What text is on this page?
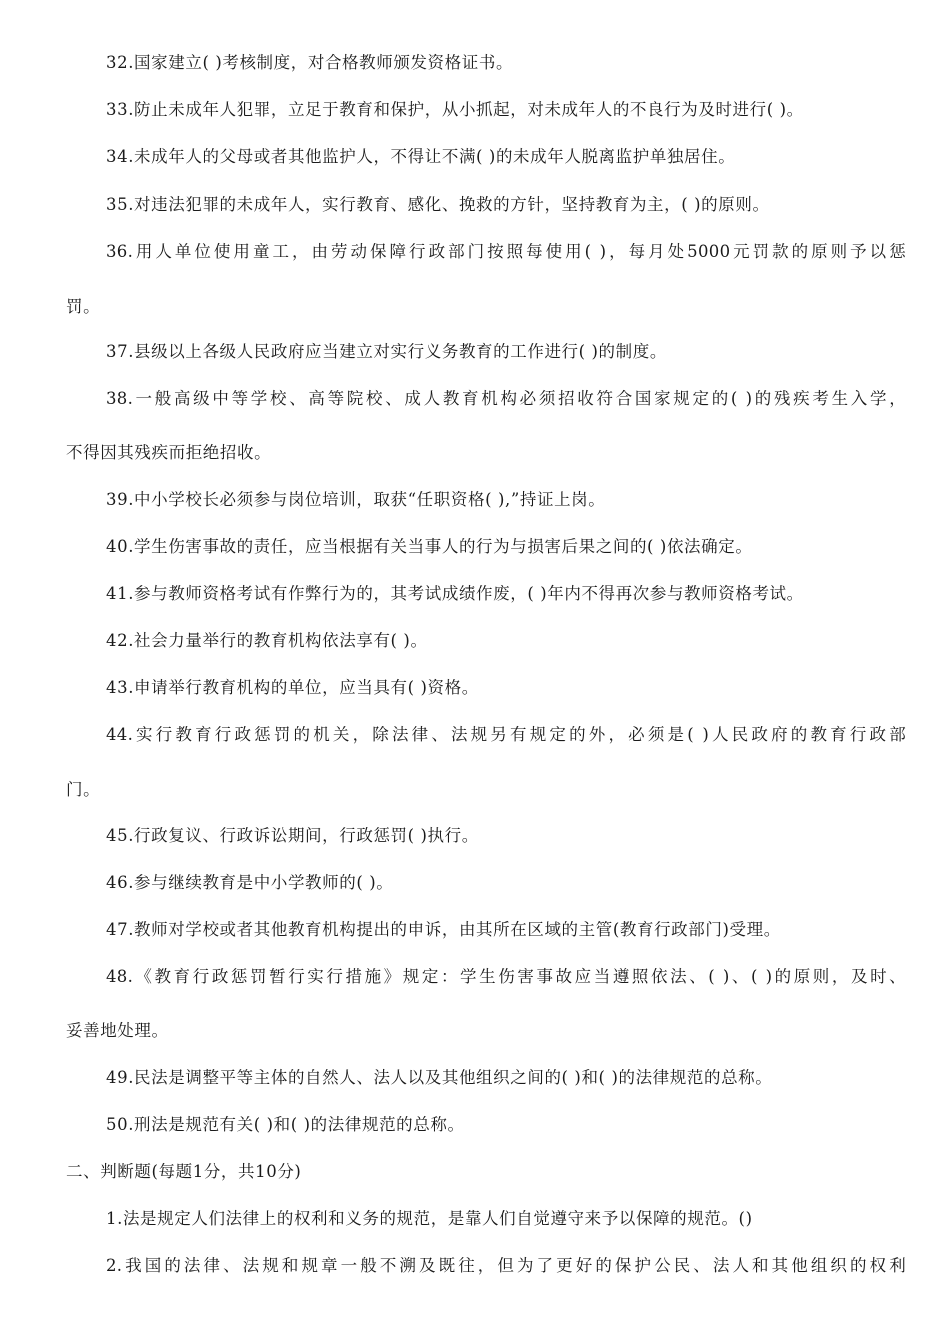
32.国家建立( )考核制度，对合格教师颁发资格证书。
33.防止未成年人犯罪，立足于教育和保护，从小抓起，对未成年人的不良行为及时进行( )。
34.未成年人的父母或者其他监护人，不得让不满( )的未成年人脱离监护单独居住。
35.对违法犯罪的未成年人，实行教育、感化、挽救的方针，坚持教育为主，( )的原则。
36.用人单位使用童工，由劳动保障行政部门按照每使用( )，每月处5000元罚款的原则予以惩
罚。
37.县级以上各级人民政府应当建立对实行义务教育的工作进行( )的制度。
38.一般高级中等学校、高等院校、成人教育机构必须招收符合国家规定的( )的残疾考生入学，
不得因其残疾而拒绝招收。
39.中小学校长必须参与岗位培训，取获“任职资格( ),”持证上岗。
40.学生伤害事故的责任，应当根据有关当事人的行为与损害后果之间的( )依法确定。
41.参与教师资格考试有作弊行为的，其考试成绩作废，( )年内不得再次参与教师资格考试。
42.社会力量举行的教育机构依法享有( )。
43.申请举行教育机构的单位，应当具有( )资格。
44.实行教育行政惩罚的机关，除法律、法规另有规定的外，必须是( )人民政府的教育行政部
门。
45.行政复议、行政诉讼期间，行政惩罚( )执行。
46.参与继续教育是中小学教师的( )。
47.教师对学校或者其他教育机构提出的申诉，由其所在区域的主管(教育行政部门)受理。
48.《教育行政惩罚暂行实行措施》规定：学生伤害事故应当遵照依法、( )、( )的原则，及时、
妥善地处理。
49.民法是调整平等主体的自然人、法人以及其他组织之间的( )和( )的法律规范的总称。
50.刑法是规范有关( )和( )的法律规范的总称。
二、判断题(每题1分，共10分)
1.法是规定人们法律上的权利和义务的规范，是靠人们自觉遵守来予以保障的规范。()
2.我国的法律、法规和规章一般不溯及既往，但为了更好的保护公民、法人和其他组织的权利
